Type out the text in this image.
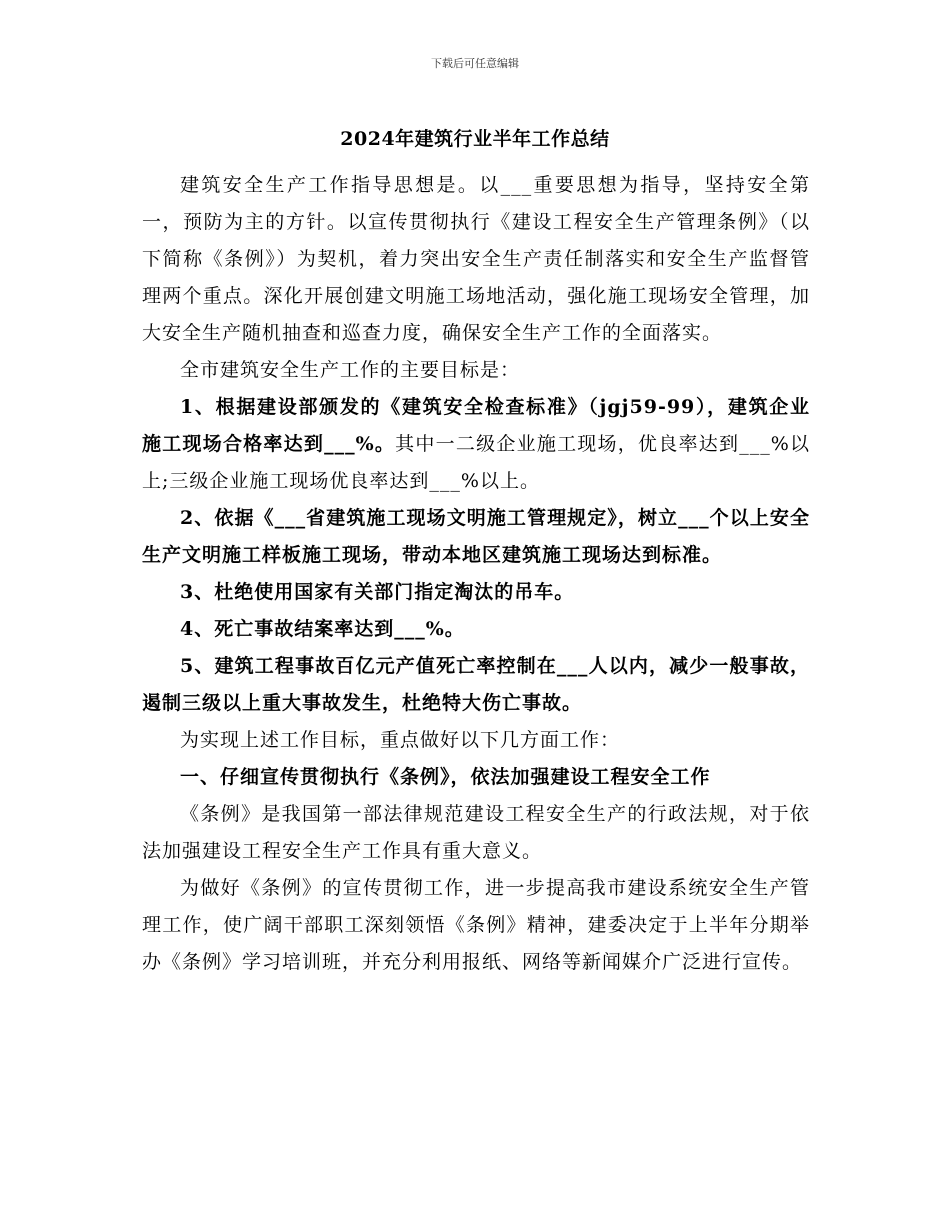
下载后可任意编辑
2024年建筑行业半年工作总结

建筑安全生产工作指导思想是。以___重要思想为指导，坚持安全第一，预防为主的方针。以宣传贯彻执行《建设工程安全生产管理条例》（以下简称《条例》）为契机，着力突出安全生产责任制落实和安全生产监督管理两个重点。深化开展创建文明施工场地活动，强化施工现场安全管理，加大安全生产随机抽查和巡查力度，确保安全生产工作的全面落实。

全市建筑安全生产工作的主要目标是：

1、根据建设部颁发的《建筑安全检查标准》（jgj59-99），建筑企业施工现场合格率达到___%。其中一二级企业施工现场，优良率达到___%以上;三级企业施工现场优良率达到___%以上。

2、依据《___省建筑施工现场文明施工管理规定》，树立___个以上安全生产文明施工样板施工现场，带动本地区建筑施工现场达到标准。

3、杜绝使用国家有关部门指定淘汰的吊车。

4、死亡事故结案率达到___%。

5、建筑工程事故百亿元产值死亡率控制在___人以内，减少一般事故，遏制三级以上重大事故发生，杜绝特大伤亡事故。

为实现上述工作目标，重点做好以下几方面工作：

一、仔细宣传贯彻执行《条例》，依法加强建设工程安全工作

《条例》是我国第一部法律规范建设工程安全生产的行政法规，对于依法加强建设工程安全生产工作具有重大意义。

为做好《条例》的宣传贯彻工作，进一步提高我市建设系统安全生产管理工作，使广阔干部职工深刻领悟《条例》精神，建委决定于上半年分期举办《条例》学习培训班，并充分利用报纸、网络等新闻媒介广泛进行宣传。
